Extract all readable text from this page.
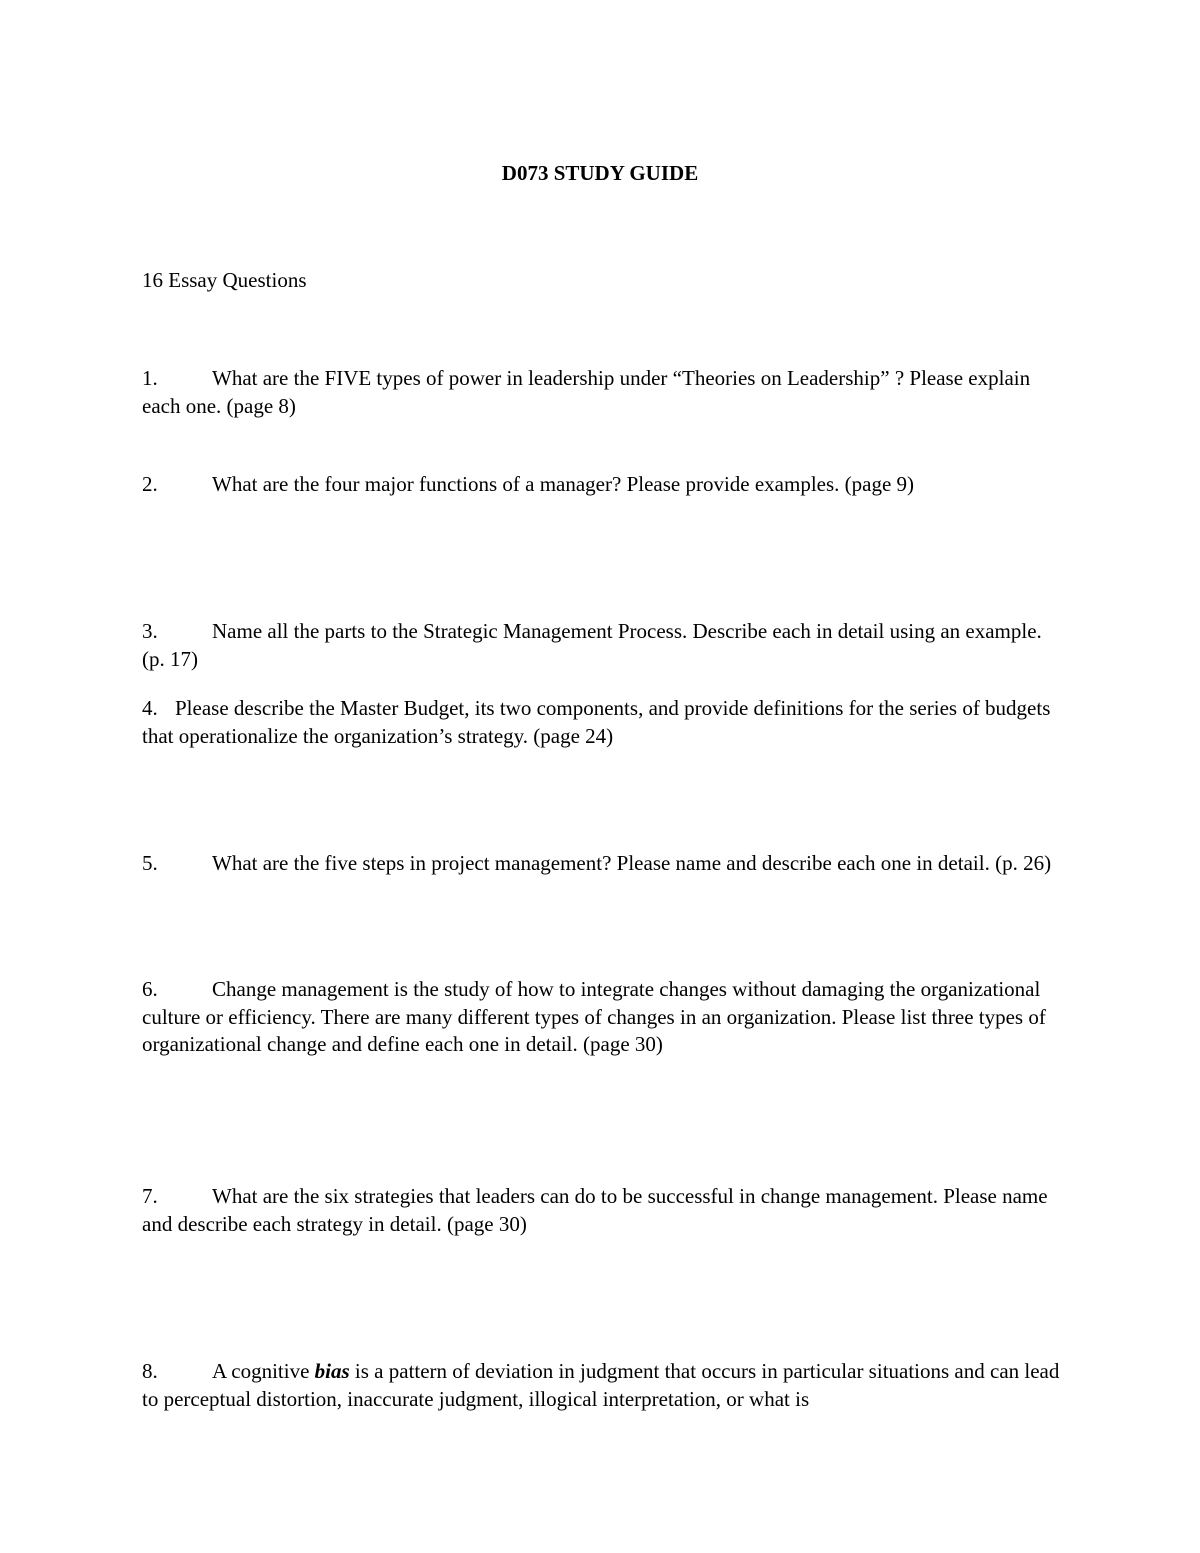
D073 STUDY GUIDE
16 Essay Questions

1.	What are the FIVE types of power in leadership under “Theories on Leadership” ? Please explain each one. (page 8)

2.	What are the four major functions of a manager? Please provide examples. (page 9)

3.	Name all the parts to the Strategic Management Process. Describe each in detail using an example. (p. 17)

4. Please describe the Master Budget, its two components, and provide definitions for the series of budgets that operationalize the organization’s strategy. (page 24)

5.	What are the five steps in project management? Please name and describe each one in detail. (p. 26)

6.	Change management is the study of how to integrate changes without damaging the organizational culture or efficiency. There are many different types of changes in an organization. Please list three types of organizational change and define each one in detail. (page 30)

7.	What are the six strategies that leaders can do to be successful in change management. Please name and describe each strategy in detail. (page 30)

8.	A cognitive bias is a pattern of deviation in judgment that occurs in particular situations and can lead to perceptual distortion, inaccurate judgment, illogical interpretation, or what is
